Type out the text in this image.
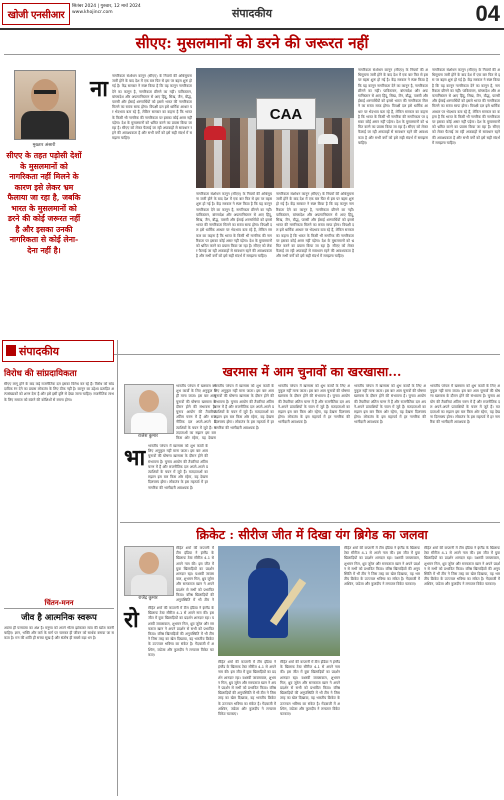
खोजी एनसीआर
सितंबर 2024 | गुरुवार, 12 मार्च 2024
www.khojincr.com	संपादकीय	04
सीएए: मुसलमानों को डरने की जरूरत नहीं
मुख्तार अंसारी
सीएए के तहत पड़ोसी देशों के मुसलमानों को नागरिकता नहीं मिलने के कारण इसे लेकर भ्रम फैलाया जा रहा है, जबकि भारत के मुसलमानों को डरने की कोई जरूरत नहीं है और इसका उनकी नागरिकता से कोई लेना-देना नहीं है।
ना नागरिकता संशोधन कानून (सीएए) के नियमों की अधिसूचना जारी होने के बाद देश में एक बार फिर से इस पर बहस शुरू हो गई है। केंद्र सरकार ने स्पष्ट किया है कि यह कानून नागरिकता देने का कानून है, नागरिकता छीनने का नहीं। पाकिस्तान, बांग्लादेश और अफगानिस्तान से आए हिंदू, सिख, जैन, बौद्ध, पारसी और ईसाई शरणार्थियों को इससे भारत की नागरिकता मिलने का रास्ता साफ होगा। विपक्षी दल इसे धार्मिक आधार पर भेदभाव बता रहे हैं, लेकिन सरकार का कहना है कि भारत के किसी भी नागरिक की नागरिकता पर इसका कोई असर नहीं पड़ेगा। देश के मुसलमानों को भ्रमित करने का प्रयास किया जा रहा है। सीएए को लेकर फैलाई जा रही अफवाहों से सावधान रहने की आवश्यकता है और सभी वर्गों को इसे सही संदर्भ में समझना चाहिए।
CAA
नागरिकता संशोधन कानून (सीएए) के नियमों की अधिसूचना जारी होने के बाद देश में एक बार फिर से इस पर बहस शुरू हो गई है। केंद्र सरकार ने स्पष्ट किया है कि यह कानून नागरिकता देने का कानून है, नागरिकता छीनने का नहीं। पाकिस्तान, बांग्लादेश और अफगानिस्तान से आए हिंदू, सिख, जैन, बौद्ध, पारसी और ईसाई शरणार्थियों को इससे भारत की नागरिकता मिलने का रास्ता साफ होगा। विपक्षी दल इसे धार्मिक आधार पर भेदभाव बता रहे हैं, लेकिन सरकार का कहना है कि भारत के किसी भी नागरिक की नागरिकता पर इसका कोई असर नहीं पड़ेगा। देश के मुसलमानों को भ्रमित करने का प्रयास किया जा रहा है। सीएए को लेकर फैलाई जा रही अफवाहों से सावधान रहने की आवश्यकता है और सभी वर्गों को इसे सही संदर्भ में समझना चाहिए।
नागरिकता संशोधन कानून (सीएए) के नियमों की अधिसूचना जारी होने के बाद देश में एक बार फिर से इस पर बहस शुरू हो गई है। केंद्र सरकार ने स्पष्ट किया है कि यह कानून नागरिकता देने का कानून है, नागरिकता छीनने का नहीं। पाकिस्तान, बांग्लादेश और अफगानिस्तान से आए हिंदू, सिख, जैन, बौद्ध, पारसी और ईसाई शरणार्थियों को इससे भारत की नागरिकता मिलने का रास्ता साफ होगा। विपक्षी दल इसे धार्मिक आधार पर भेदभाव बता रहे हैं, लेकिन सरकार का कहना है कि भारत के किसी भी नागरिक की नागरिकता पर इसका कोई असर नहीं पड़ेगा। देश के मुसलमानों को भ्रमित करने का प्रयास किया जा रहा है। सीएए को लेकर फैलाई जा रही अफवाहों से सावधान रहने की आवश्यकता है और सभी वर्गों को इसे सही संदर्भ में समझना चाहिए।
नागरिकता संशोधन कानून (सीएए) के नियमों की अधिसूचना जारी होने के बाद देश में एक बार फिर से इस पर बहस शुरू हो गई है। केंद्र सरकार ने स्पष्ट किया है कि यह कानून नागरिकता देने का कानून है, नागरिकता छीनने का नहीं। पाकिस्तान, बांग्लादेश और अफगानिस्तान से आए हिंदू, सिख, जैन, बौद्ध, पारसी और ईसाई शरणार्थियों को इससे भारत की नागरिकता मिलने का रास्ता साफ होगा। विपक्षी दल इसे धार्मिक आधार पर भेदभाव बता रहे हैं, लेकिन सरकार का कहना है कि भारत के किसी भी नागरिक की नागरिकता पर इसका कोई असर नहीं पड़ेगा। देश के मुसलमानों को भ्रमित करने का प्रयास किया जा रहा है। सीएए को लेकर फैलाई जा रही अफवाहों से सावधान रहने की आवश्यकता है और सभी वर्गों को इसे सही संदर्भ में समझना चाहिए।
नागरिकता संशोधन कानून (सीएए) के नियमों की अधिसूचना जारी होने के बाद देश में एक बार फिर से इस पर बहस शुरू हो गई है। केंद्र सरकार ने स्पष्ट किया है कि यह कानून नागरिकता देने का कानून है, नागरिकता छीनने का नहीं। पाकिस्तान, बांग्लादेश और अफगानिस्तान से आए हिंदू, सिख, जैन, बौद्ध, पारसी और ईसाई शरणार्थियों को इससे भारत की नागरिकता मिलने का रास्ता साफ होगा। विपक्षी दल इसे धार्मिक आधार पर भेदभाव बता रहे हैं, लेकिन सरकार का कहना है कि भारत के किसी भी नागरिक की नागरिकता पर इसका कोई असर नहीं पड़ेगा। देश के मुसलमानों को भ्रमित करने का प्रयास किया जा रहा है। सीएए को लेकर फैलाई जा रही अफवाहों से सावधान रहने की आवश्यकता है और सभी वर्गों को इसे सही संदर्भ में समझना चाहिए।
संपादकीय
विरोध की सांप्रदायिकता
सीएए लागू होने के बाद कई राजनीतिक दल इसका विरोध कर रहे हैं। विरोध को सांप्रदायिक रंग देने का प्रयास लोकतंत्र के लिए ठीक नहीं है। कानून का उद्देश्य प्रताड़ित अल्पसंख्यकों को शरण देना है और इसे इसी दृष्टि से देखा जाना चाहिए। राजनीतिक लाभ के लिए समाज को बांटने की कोशिशों से बचना होगा।
चिंतन-मनन
जीव है आत्मनिक स्वरूप
आत्मा ही परमात्मा का अंश है। मनुष्य को अपने भीतर झांककर सत्य की खोज करनी चाहिए। ज्ञान, भक्ति और कर्म के मार्ग पर चलकर ही जीवन को सार्थक बनाया जा सकता है। मन की शांति ही सच्चा सुख है और संतोष ही सबसे बड़ा धन है।
खरमास में आम चुनावों का खरखासा...
राजेश कुमार
भा भारतीय परंपरा में खरमास को शुभ कार्यों के लिए अनुकूल नहीं माना जाता। इस बार आम चुनावों की घोषणा खरमास के दौरान होने की संभावना है। चुनाव आयोग की तैयारियां अंतिम चरण में हैं और राजनीतिक दल अपने-अपने प्रत्याशियों के चयन में जुटे हैं। मतदाताओं का रुझान इस बार किस ओर रहेगा, यह देखना दिलचस्प होगा। लोकतंत्र के इस महापर्व में हर नागरिक की भागीदारी आवश्यक है।
भारतीय परंपरा में खरमास को शुभ कार्यों के लिए अनुकूल नहीं माना जाता। इस बार आम चुनावों की घोषणा खरमास के दौरान होने की संभावना है। चुनाव आयोग की तैयारियां अंतिम चरण में हैं और राजनीतिक दल अपने-अपने प्रत्याशियों के चयन में जुटे हैं। मतदाताओं का रुझान इस बार किस ओर रहेगा, यह देखना
भारतीय परंपरा में खरमास को शुभ कार्यों के लिए अनुकूल नहीं माना जाता। इस बार आम चुनावों की घोषणा खरमास के दौरान होने की संभावना है। चुनाव आयोग की तैयारियां अंतिम चरण में हैं और राजनीतिक दल अपने-अपने प्रत्याशियों के चयन में जुटे हैं। मतदाताओं का रुझान इस बार किस ओर रहेगा, यह देखना दिलचस्प होगा। लोकतंत्र के इस महापर्व में हर नागरिक की भागीदारी आवश्यक है।
भारतीय परंपरा में खरमास को शुभ कार्यों के लिए अनुकूल नहीं माना जाता। इस बार आम चुनावों की घोषणा खरमास के दौरान होने की संभावना है। चुनाव आयोग की तैयारियां अंतिम चरण में हैं और राजनीतिक दल अपने-अपने प्रत्याशियों के चयन में जुटे हैं। मतदाताओं का रुझान इस बार किस ओर रहेगा, यह देखना दिलचस्प होगा। लोकतंत्र के इस महापर्व में हर नागरिक की भागीदारी आवश्यक है।
भारतीय परंपरा में खरमास को शुभ कार्यों के लिए अनुकूल नहीं माना जाता। इस बार आम चुनावों की घोषणा खरमास के दौरान होने की संभावना है। चुनाव आयोग की तैयारियां अंतिम चरण में हैं और राजनीतिक दल अपने-अपने प्रत्याशियों के चयन में जुटे हैं। मतदाताओं का रुझान इस बार किस ओर रहेगा, यह देखना दिलचस्प होगा। लोकतंत्र के इस महापर्व में हर नागरिक की भागीदारी आवश्यक है।
भारतीय परंपरा में खरमास को शुभ कार्यों के लिए अनुकूल नहीं माना जाता। इस बार आम चुनावों की घोषणा खरमास के दौरान होने की संभावना है। चुनाव आयोग की तैयारियां अंतिम चरण में हैं और राजनीतिक दल अपने-अपने प्रत्याशियों के चयन में जुटे हैं। मतदाताओं का रुझान इस बार किस ओर रहेगा, यह देखना दिलचस्प होगा। लोकतंत्र के इस महापर्व में हर नागरिक की भागीदारी आवश्यक है।
क्रिकेट : सीरीज जीत में दिखा यंग ब्रिगेड का जलवा
राजेंद्र कुमार
रो	रोहित शर्मा की कप्तानी में टीम इंडिया ने इंग्लैंड के खिलाफ टेस्ट सीरीज 4-1 से अपने नाम की। इस जीत में युवा खिलाड़ियों का प्रदर्शन शानदार रहा। यशस्वी जायसवाल, शुभमन गिल, ध्रुव जुरेल और सरफराज खान ने अपने प्रदर्शन से सभी को प्रभावित किया। वरिष्ठ खिलाड़ियों की अनुपस्थिति में भी टीम ने जिस तरह का खेल दिखाया, वह भारतीय क्रिकेट के उज्ज्वल भविष्य का संकेत है। गेंदबाजी में अश्विन, जडेजा और कुलदीप ने लगातार विकेट चटकाए।
रोहित शर्मा की कप्तानी में टीम इंडिया ने इंग्लैंड के खिलाफ टेस्ट सीरीज 4-1 से अपने नाम की। इस जीत में युवा खिलाड़ियों का प्रदर्शन शानदार रहा। यशस्वी जायसवाल, शुभमन गिल, ध्रुव जुरेल और सरफराज खान ने अपने प्रदर्शन से सभी को प्रभावित किया। वरिष्ठ खिलाड़ियों की अनुपस्थिति में भी टीम ने
रोहित शर्मा की कप्तानी में टीम इंडिया ने इंग्लैंड के खिलाफ टेस्ट सीरीज 4-1 से अपने नाम की। इस जीत में युवा खिलाड़ियों का प्रदर्शन शानदार रहा। यशस्वी जायसवाल, शुभमन गिल, ध्रुव जुरेल और सरफराज खान ने अपने प्रदर्शन से सभी को प्रभावित किया। वरिष्ठ खिलाड़ियों की अनुपस्थिति में भी टीम ने जिस तरह का खेल दिखाया, वह भारतीय क्रिकेट के उज्ज्वल भविष्य का संकेत है। गेंदबाजी में अश्विन, जडेजा और कुलदीप ने लगातार विकेट चटकाए।
रोहित शर्मा की कप्तानी में टीम इंडिया ने इंग्लैंड के खिलाफ टेस्ट सीरीज 4-1 से अपने नाम की। इस जीत में युवा खिलाड़ियों का प्रदर्शन शानदार रहा। यशस्वी जायसवाल, शुभमन गिल, ध्रुव जुरेल और सरफराज खान ने अपने प्रदर्शन से सभी को प्रभावित किया। वरिष्ठ खिलाड़ियों की अनुपस्थिति में भी टीम ने जिस तरह का खेल दिखाया, वह भारतीय क्रिकेट के उज्ज्वल भविष्य का संकेत है। गेंदबाजी में अश्विन, जडेजा और कुलदीप ने लगातार विकेट चटकाए।
रोहित शर्मा की कप्तानी में टीम इंडिया ने इंग्लैंड के खिलाफ टेस्ट सीरीज 4-1 से अपने नाम की। इस जीत में युवा खिलाड़ियों का प्रदर्शन शानदार रहा। यशस्वी जायसवाल, शुभमन गिल, ध्रुव जुरेल और सरफराज खान ने अपने प्रदर्शन से सभी को प्रभावित किया। वरिष्ठ खिलाड़ियों की अनुपस्थिति में भी टीम ने जिस तरह का खेल दिखाया, वह भारतीय क्रिकेट के उज्ज्वल भविष्य का संकेत है। गेंदबाजी में अश्विन, जडेजा और कुलदीप ने लगातार विकेट चटकाए।
रोहित शर्मा की कप्तानी में टीम इंडिया ने इंग्लैंड के खिलाफ टेस्ट सीरीज 4-1 से अपने नाम की। इस जीत में युवा खिलाड़ियों का प्रदर्शन शानदार रहा। यशस्वी जायसवाल, शुभमन गिल, ध्रुव जुरेल और सरफराज खान ने अपने प्रदर्शन से सभी को प्रभावित किया। वरिष्ठ खिलाड़ियों की अनुपस्थिति में भी टीम ने जिस तरह का खेल दिखाया, वह भारतीय क्रिकेट के उज्ज्वल भविष्य का संकेत है। गेंदबाजी में अश्विन, जडेजा और कुलदीप ने लगातार विकेट चटकाए।
